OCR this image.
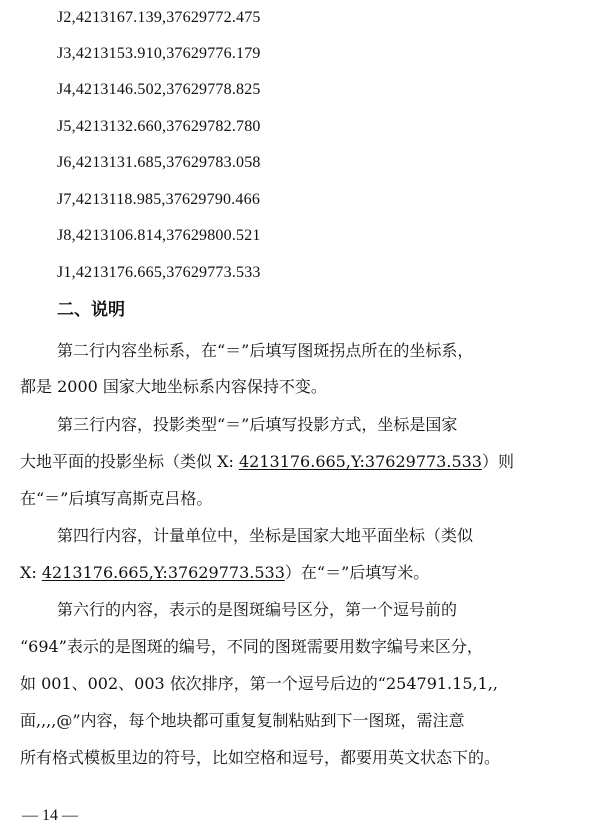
J2,4213167.139,37629772.475
J3,4213153.910,37629776.179
J4,4213146.502,37629778.825
J5,4213132.660,37629782.780
J6,4213131.685,37629783.058
J7,4213118.985,37629790.466
J8,4213106.814,37629800.521
J1,4213176.665,37629773.533
二、说明
第二行内容坐标系，在“＝”后填写图斑拐点所在的坐标系，
都是 2000 国家大地坐标系内容保持不变。
第三行内容，投影类型“＝”后填写投影方式，坐标是国家
大地平面的投影坐标（类似 X: 4213176.665,Y:37629773.533）则
在“＝”后填写高斯克吕格。
第四行内容，计量单位中，坐标是国家大地平面坐标（类似
X: 4213176.665,Y:37629773.533）在“＝”后填写米。
第六行的内容，表示的是图斑编号区分，第一个逗号前的
“694”表示的是图斑的编号，不同的图斑需要用数字编号来区分，
如 001、002、003 依次排序，第一个逗号后边的“254791.15,1,,
面,,,,@”内容，每个地块都可重复复制粘贴到下一图斑，需注意
所有格式模板里边的符号，比如空格和逗号，都要用英文状态下的。
— 14 —
